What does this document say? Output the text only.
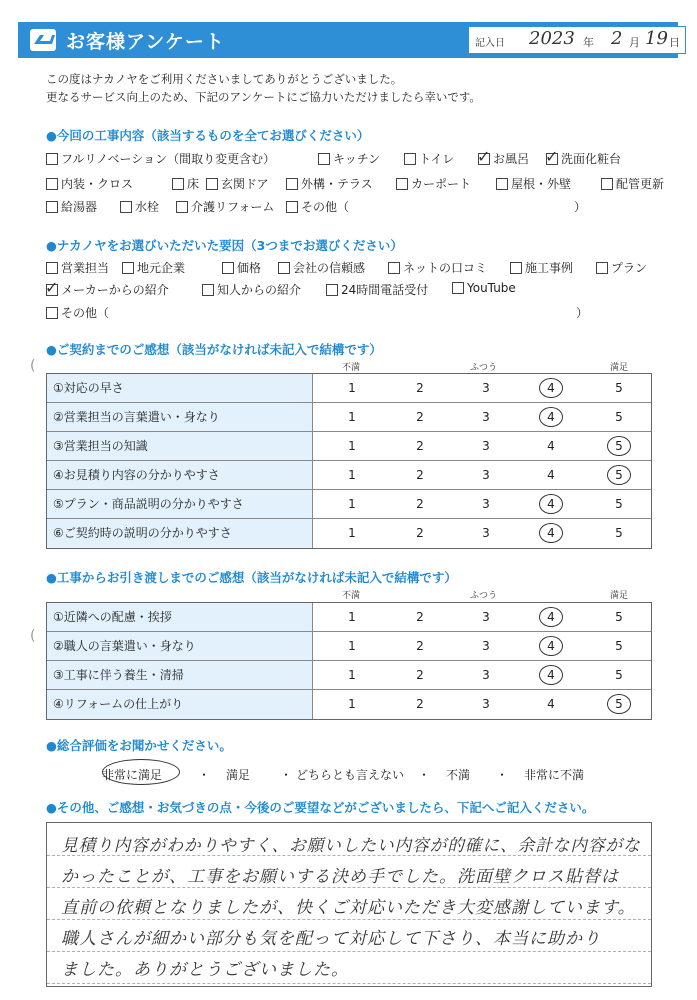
お客様アンケート	記入日 2023 年 2 月 19 日
この度はナカノヤをご利用くださいましてありがとうございました。
更なるサービス向上のため、下記のアンケートにご協力いただけましたら幸いです。
●今回の工事内容（該当するものを全てお選びください）
フルリノベーション（間取り変更含む）	キッチン	トイレ ✓ お風呂 ✓ 洗面化粧台
内装・クロス	床 玄関ドア	外構・テラス	カーポート	屋根・外壁	配管更新
給湯器	水栓	介護リフォーム その他（	）
●ナカノヤをお選びいただいた要因（3つまでお選びください）
営業担当 地元企業	価格	会社の信頼感	ネットの口コミ	施工事例	プラン
✓ メーカーからの紹介	知人からの紹介	24時間電話受付	YouTube
その他（	）
●ご契約までのご感想（該当がなければ未記入で結構です）
不満	ふつう	満足
①対応の早さ	1	2	3	4	5
②営業担当の言葉遣い・身なり	1	2	3	4	5
③営業担当の知識	1	2	3	4	5
④お見積り内容の分かりやすさ	1	2	3	4	5
⑤プラン・商品説明の分かりやすさ	1	2	3	4	5
⑥ご契約時の説明の分かりやすさ	1	2	3	4	5
●工事からお引き渡しまでのご感想（該当がなければ未記入で結構です）
不満	ふつう	満足
①近隣への配慮・挨拶	1	2	3	4	5
②職人の言葉遣い・身なり	1	2	3	4	5
③工事に伴う養生・清掃	1	2	3	4	5
④リフォームの仕上がり	1	2	3	4	5
●総合評価をお聞かせください。
非常に満足	・ 満足 ・ どちらとも言えない ・ 不満 ・ 非常に不満
●その他、ご感想・お気づきの点・今後のご要望などがございましたら、下記へご記入ください。
見積り内容がわかりやすく、お願いしたい内容が的確に、余計な内容がな
かったことが、工事をお願いする決め手でした。洗面壁クロス貼替は
直前の依頼となりましたが、快くご対応いただき大変感謝しています。
職人さんが細かい部分も気を配って対応して下さり、本当に助かり
ました。ありがとうございました。
(
(
